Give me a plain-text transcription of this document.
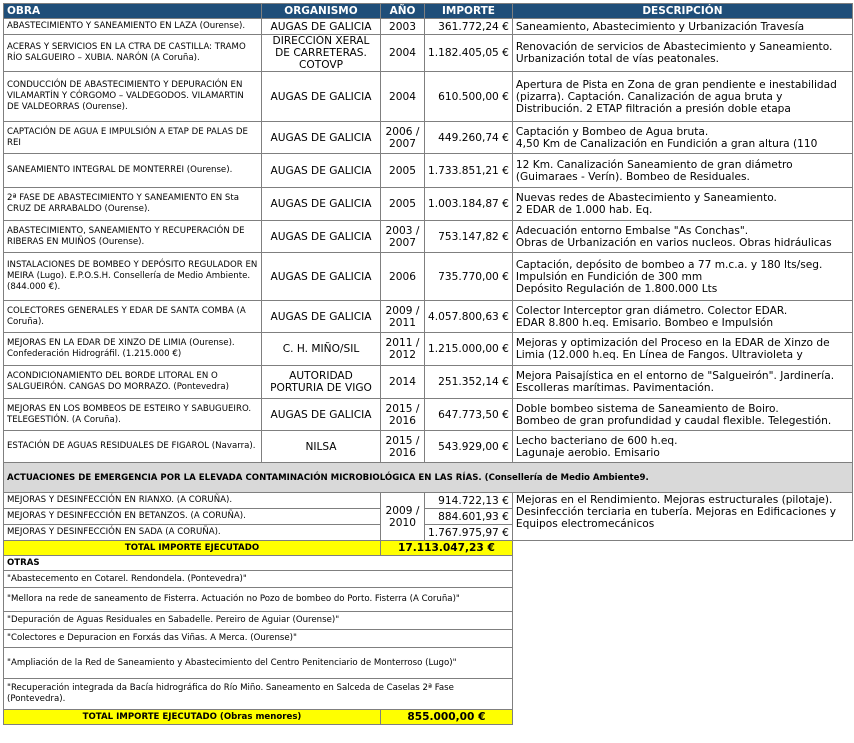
OBRA	ORGANISMO	AÑO	IMPORTE	DESCRIPCIÓN
ABASTECIMIENTO Y SANEAMIENTO EN LAZA (Ourense).	AUGAS DE GALICIA	2003	361.772,24 €	Saneamiento, Abastecimiento y Urbanización Travesía
ACERAS Y SERVICIOS EN LA CTRA DE CASTILLA: TRAMO RÍO SALGUEIRO – XUBIA. NARÓN (A Coruña).	DIRECCIÓN XERAL DE CARRETERAS. COTOVP	2004	1.182.405,05 €	Renovación de servicios de Abastecimiento y Saneamiento.
Urbanización total de vías peatonales.
CONDUCCIÓN DE ABASTECIMIENTO Y DEPURACIÓN EN VILAMARTÍN Y CÓRGOMO – VALDEGODOS. VILAMARTIN DE VALDEORRAS (Ourense).	AUGAS DE GALICIA	2004	610.500,00 €	Apertura de Pista en Zona de gran pendiente e inestabilidad (pizarra). Captación. Canalización de agua bruta y Distribución. 2 ETAP filtración a presión doble etapa
CAPTACIÓN DE AGUA E IMPULSIÓN A ETAP DE PALAS DE REI	AUGAS DE GALICIA	2006 / 2007	449.260,74 €	Captación y Bombeo de Agua bruta.
4,50 Km de Canalización en Fundición a gran altura (110
SANEAMIENTO INTEGRAL DE MONTERREI (Ourense).	AUGAS DE GALICIA	2005	1.733.851,21 €	12 Km. Canalización Saneamiento de gran diámetro (Guimaraes - Verín). Bombeo de Residuales.
2ª FASE DE ABASTECIMIENTO Y SANEAMIENTO EN Sta CRUZ DE ARRABALDO (Ourense).	AUGAS DE GALICIA	2005	1.003.184,87 €	Nuevas redes de Abastecimiento y Saneamiento.
2 EDAR de 1.000 hab. Eq.
ABASTECIMIENTO, SANEAMIENTO Y RECUPERACIÓN DE RIBERAS EN MUIÑOS (Ourense).	AUGAS DE GALICIA	2003 / 2007	753.147,82 €	Adecuación entorno Embalse "As Conchas".
Obras de Urbanización en varios nucleos. Obras hidráulicas
INSTALACIONES DE BOMBEO Y DEPÓSITO REGULADOR EN MEIRA (Lugo). E.P.O.S.H. Consellería de Medio Ambiente. (844.000 €).	AUGAS DE GALICIA	2006	735.770,00 €	Captación, depósito de bombeo a 77 m.c.a. y 180 lts/seg.
Impulsión en Fundición de 300 mm
Depósito Regulación de 1.800.000 Lts
COLECTORES GENERALES Y EDAR DE SANTA COMBA (A Coruña).	AUGAS DE GALICIA	2009 / 2011	4.057.800,63 €	Colector Interceptor gran diámetro. Colector EDAR.
EDAR 8.800 h.eq. Emisario. Bombeo e Impulsión
MEJORAS EN LA EDAR DE XINZO DE LIMIA (Ourense). Confederación Hidrográfil. (1.215.000 €)	C. H. MIÑO/SIL	2011 / 2012	1.215.000,00 €	Mejoras y optimización del Proceso en la EDAR de Xinzo de Limia (12.000 h.eq. En Línea de Fangos. Ultravioleta y
ACONDICIONAMIENTO DEL BORDE LITORAL EN O SALGUEIRÓN. CANGAS DO MORRAZO. (Pontevedra)	AUTORIDAD PORTURIA DE VIGO	2014	251.352,14 €	Mejora Paisajística en el entorno de "Salgueirón". Jardinería. Escolleras marítimas. Pavimentación.
MEJORAS EN LOS BOMBEOS DE ESTEIRO Y SABUGUEIRO. TELEGESTIÓN. (A Coruña).	AUGAS DE GALICIA	2015 / 2016	647.773,50 €	Doble bombeo sistema de Saneamiento de Boiro.
Bombeo de gran profundidad y caudal flexible. Telegestión.
ESTACIÓN DE AGUAS RESIDUALES DE FIGAROL (Navarra).	NILSA	2015 / 2016	543.929,00 €	Lecho bacteriano de 600 h.eq.
Lagunaje aerobio. Emisario
ACTUACIONES DE EMERGENCIA POR LA ELEVADA CONTAMINACIÓN MICROBIOLÓGICA EN LAS RÍAS. (Consellería de Medio Ambiente9.				
MEJORAS Y DESINFECCIÓN EN RIANXO. (A CORUÑA).		2009 / 2010	914.722,13 €	Mejoras en el Rendimiento. Mejoras estructurales (pilotaje). Desinfección terciaria en tubería. Mejoras en Edificaciones y Equipos electromecánicos
MEJORAS Y DESINFECCIÓN EN BETANZOS. (A CORUÑA).			884.601,93 €	
MEJORAS Y DESINFECCIÓN EN SADA (A CORUÑA).			1.767.975,97 €	
TOTAL IMPORTE EJECUTADO		17.113.047,23 €		
OTRAS				
"Abastecemento en Cotarel. Rendondela. (Pontevedra)"				
"Mellora na rede de saneamento de Fisterra. Actuación no Pozo de bombeo do Porto. Fisterra (A Coruña)"				
"Depuración de Aguas Residuales en Sabadelle. Pereiro de Aguiar (Ourense)"				
"Colectores e Depuracion en Forxás das Viñas. A Merca. (Ourense)"				
"Ampliación de la Red de Saneamiento y Abastecimiento del Centro Penitenciario de Monterroso (Lugo)"				
"Recuperación integrada da Bacía hidrográfica do Río Miño. Saneamento en Salceda de Caselas 2ª Fase (Pontevedra).				
TOTAL IMPORTE EJECUTADO (Obras menores)		855.000,00 €		
